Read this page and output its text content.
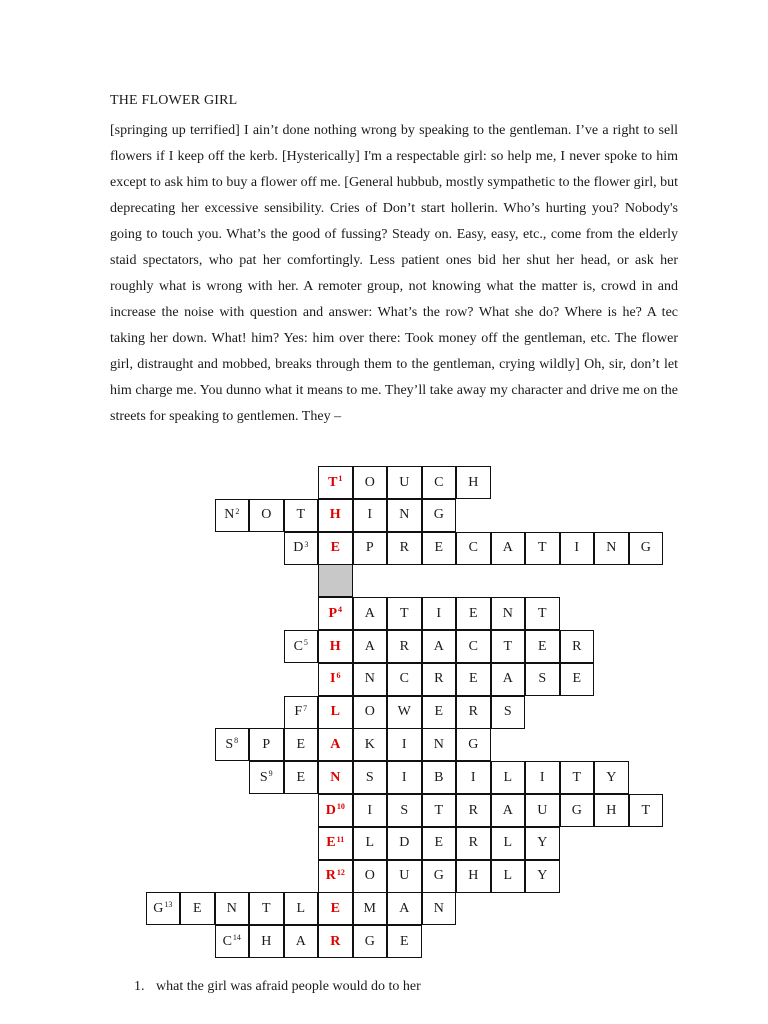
THE FLOWER GIRL

[springing up terrified] I ain’t done nothing wrong by speaking to the gentleman. I’ve a right to sell flowers if I keep off the kerb. [Hysterically] I'm a respectable girl: so help me, I never spoke to him except to ask him to buy a flower off me. [General hubbub, mostly sympathetic to the flower girl, but deprecating her excessive sensibility. Cries of Don’t start hollerin. Who’s hurting you? Nobody's going to touch you. What’s the good of fussing? Steady on. Easy, easy, etc., come from the elderly staid spectators, who pat her comfortingly. Less patient ones bid her shut her head, or ask her roughly what is wrong with her. A remoter group, not knowing what the matter is, crowd in and increase the noise with question and answer: What’s the row? What she do? Where is he? A tec taking her down. What! him? Yes: him over there: Took money off the gentleman, etc. The flower girl, distraught and mobbed, breaks through them to the gentleman, crying wildly] Oh, sir, don’t let him charge me. You dunno what it means to me. They’ll take away my character and drive me on the streets for speaking to gentlemen. They –

$T^1$	O	U	C	H
$N^2$	O	T	H	I	N	G
$D^3$	E	P	R	E	C	A	T	I	N	G
$P^4$	A	T	I	E	N	T
$C^5$	H	A	R	A	C	T	E	R
$I^6$	N	C	R	E	A	S	E
$F^7$	L	O	W	E	R	S
$S^8$	P	E	A	K	I	N	G
$S^9$	E	N	S	I	B	I	L	I	T	Y
$D^{10}$	I	S	T	R	A	U	G	H	T
$E^{11}$	L	D	E	R	L	Y
$R^{12}$	O	U	G	H	L	Y
$G^{13}$	E	N	T	L	E	M	A	N
$C^{14}$	H	A	R	G	E
1. what the girl was afraid people would do to her
